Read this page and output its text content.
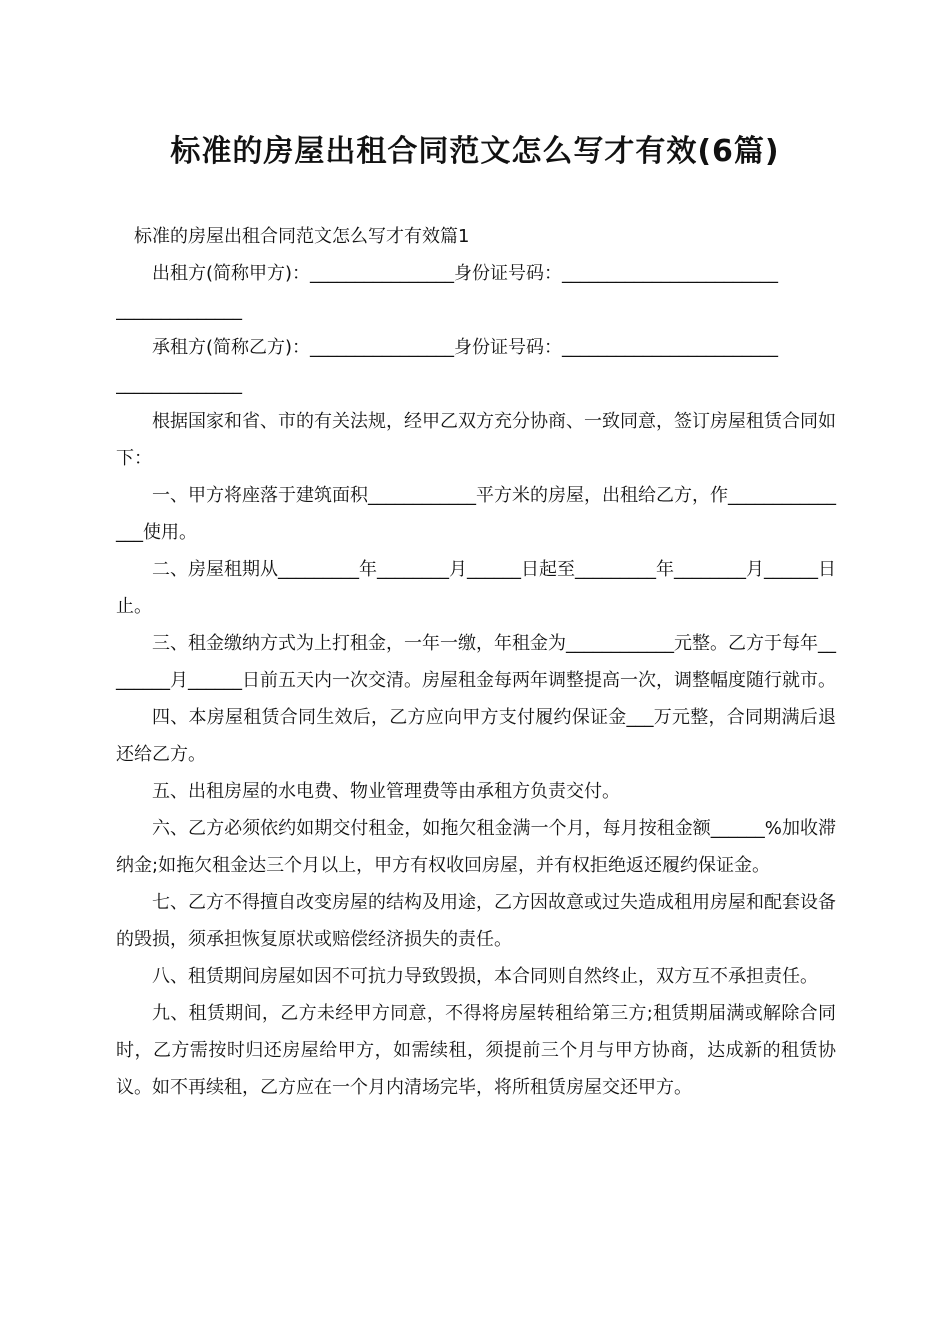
标准的房屋出租合同范文怎么写才有效(6篇)

标准的房屋出租合同范文怎么写才有效篇1

出租方(简称甲方)：________________身份证号码：________________________

______________

承租方(简称乙方)：________________身份证号码：________________________

______________

根据国家和省、市的有关法规，经甲乙双方充分协商、一致同意，签订房屋租赁合同如下：

一、甲方将座落于建筑面积____________平方米的房屋，出租给乙方，作_______________使用。

二、房屋租期从_________年________月______日起至_________年________月______日止。

三、租金缴纳方式为上打租金，一年一缴，年租金为____________元整。乙方于每年________月______日前五天内一次交清。房屋租金每两年调整提高一次，调整幅度随行就市。

四、本房屋租赁合同生效后，乙方应向甲方支付履约保证金___万元整，合同期满后退还给乙方。

五、出租房屋的水电费、物业管理费等由承租方负责交付。

六、乙方必须依约如期交付租金，如拖欠租金满一个月，每月按租金额______%加收滞纳金;如拖欠租金达三个月以上，甲方有权收回房屋，并有权拒绝返还履约保证金。

七、乙方不得擅自改变房屋的结构及用途，乙方因故意或过失造成租用房屋和配套设备的毁损，须承担恢复原状或赔偿经济损失的责任。

八、租赁期间房屋如因不可抗力导致毁损，本合同则自然终止，双方互不承担责任。

九、租赁期间，乙方未经甲方同意，不得将房屋转租给第三方;租赁期届满或解除合同时，乙方需按时归还房屋给甲方，如需续租，须提前三个月与甲方协商，达成新的租赁协议。如不再续租，乙方应在一个月内清场完毕，将所租赁房屋交还甲方。
